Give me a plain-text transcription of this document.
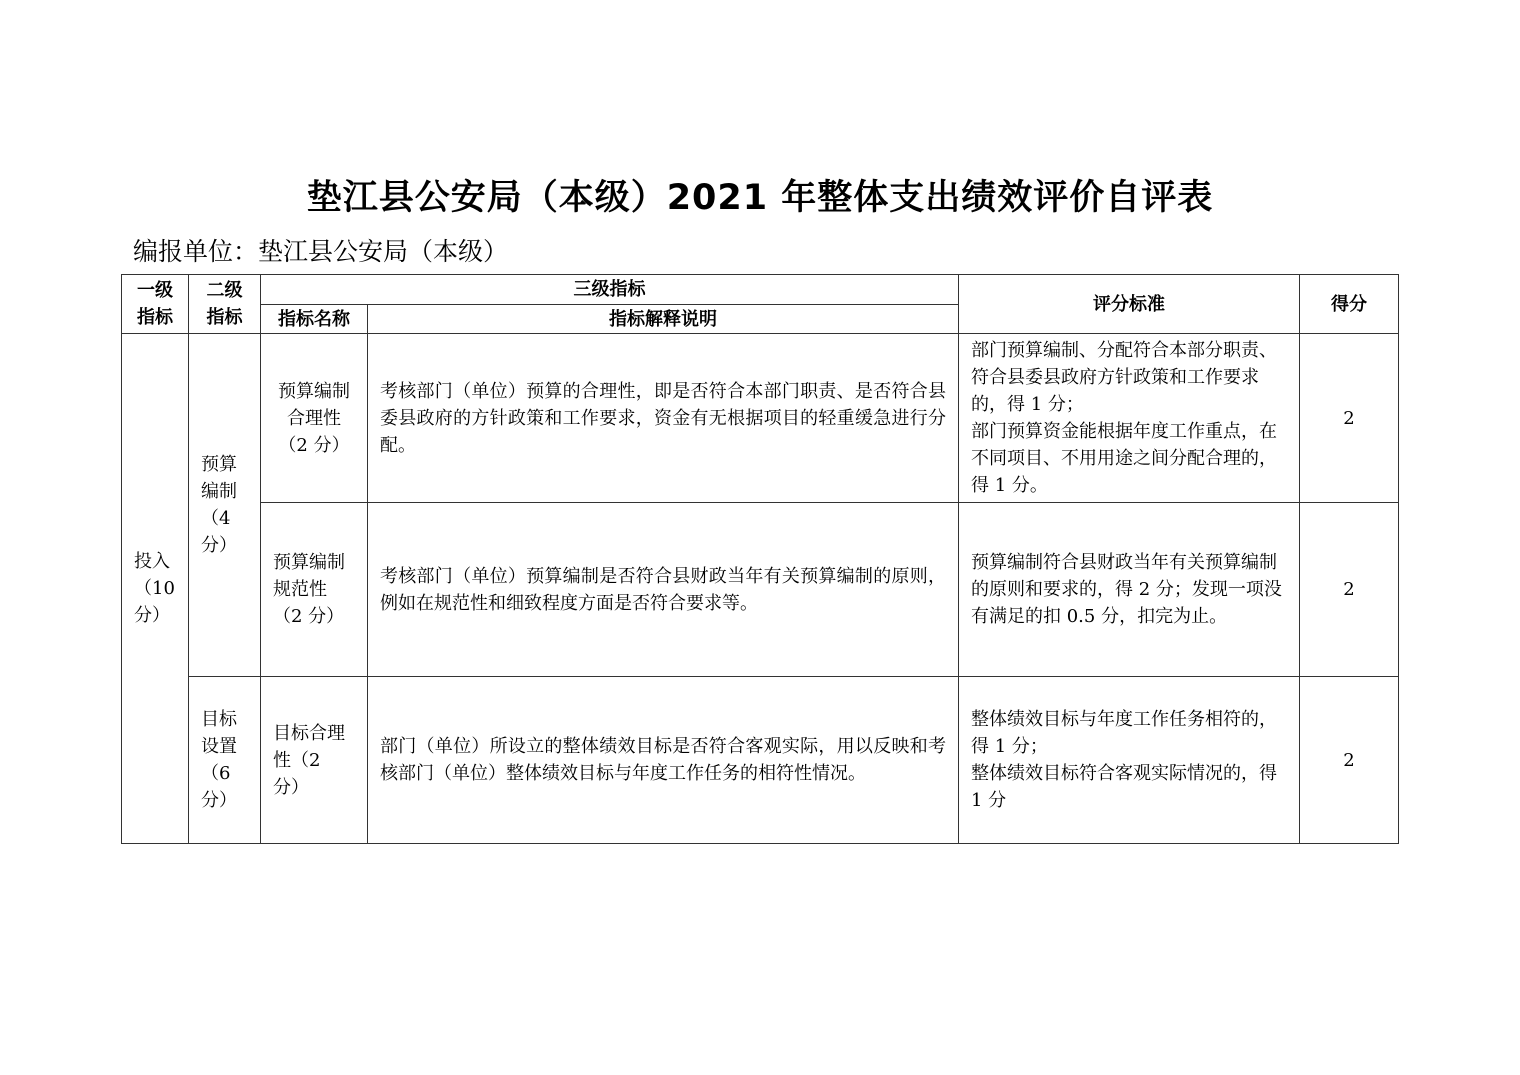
垫江县公安局（本级）2021 年整体支出绩效评价自评表
编报单位：垫江县公安局（本级）
一级
指标	二级
指标	三级指标		评分标准	得分
		指标名称	指标解释说明		

投入
（10
分）	预算
编制
（4
分）	预算编制
合理性
（2 分）	考核部门（单位）预算的合理性，即是否符合本部门职责、是否符合县委县政府的方针政策和工作要求，资金有无根据项目的轻重缓急进行分配。	部门预算编制、分配符合本部分职责、符合县委县政府方针政策和工作要求的，得 1 分；
部门预算资金能根据年度工作重点，在不同项目、不用用途之间分配合理的，得 1 分。	2

		预算编制
规范性
（2 分）	考核部门（单位）预算编制是否符合县财政当年有关预算编制的原则，例如在规范性和细致程度方面是否符合要求等。	预算编制符合县财政当年有关预算编制的原则和要求的，得 2 分；发现一项没有满足的扣 0.5 分，扣完为止。	2

	目标
设置
（6
分）	目标合理
性（2
分）	部门（单位）所设立的整体绩效目标是否符合客观实际，用以反映和考核部门（单位）整体绩效目标与年度工作任务的相符性情况。	整体绩效目标与年度工作任务相符的，得 1 分；
整体绩效目标符合客观实际情况的，得 1 分	2
